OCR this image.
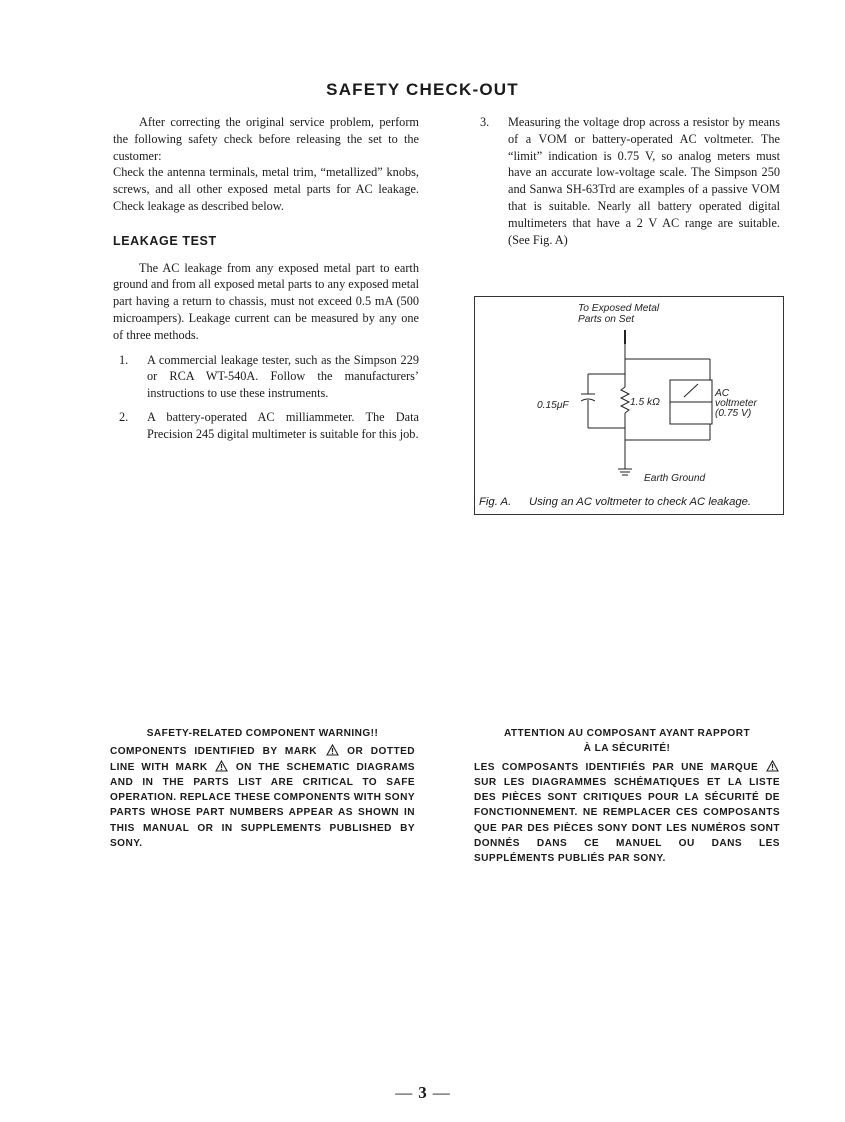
SAFETY CHECK-OUT

After correcting the original service problem, perform the following safety check before releasing the set to the customer:

Check the antenna terminals, metal trim, “metallized” knobs, screws, and all other exposed metal parts for AC leakage. Check leakage as described below.

LEAKAGE TEST

The AC leakage from any exposed metal part to earth ground and from all exposed metal parts to any exposed metal part having a return to chassis, must not exceed 0.5 mA (500 microampers). Leakage current can be measured by any one of three methods.

1.	A commercial leakage tester, such as the Simpson 229 or RCA WT-540A. Follow the manufacturers’ instructions to use these instruments.
2.	A battery-operated AC milliammeter. The Data Precision 245 digital multimeter is suitable for this job.
3.	Measuring the voltage drop across a resistor by means of a VOM or battery-operated AC voltmeter. The “limit” indication is 0.75 V, so analog meters must have an accurate low-voltage scale. The Simpson 250 and Sanwa SH-63Trd are examples of a passive VOM that is suitable. Nearly all battery operated digital multimeters that have a 2 V AC range are suitable. (See Fig. A)
To Exposed Metal
Parts on Set
0.15μF	1.5 kΩ
AC
voltmeter
(0.75 V)
Earth Ground
Fig. A. Using an AC voltmeter to check AC leakage.
SAFETY-RELATED COMPONENT WARNING!!
COMPONENTS IDENTIFIED BY MARK	OR DOTTED LINE WITH MARK	ON THE SCHEMATIC DIAGRAMS AND IN THE PARTS LIST ARE CRITICAL TO SAFE OPERATION. REPLACE THESE COMPONENTS WITH SONY PARTS WHOSE PART NUMBERS APPEAR AS SHOWN IN THIS MANUAL OR IN SUPPLEMENTS PUBLISHED BY SONY.
ATTENTION AU COMPOSANT AYANT RAPPORT
À LA SÉCURITÉ!
LES COMPOSANTS IDENTIFIÉS PAR UNE MARQUE  SUR LES DIAGRAMMES SCHÉMATIQUES ET LA LISTE DES PIÈCES SONT CRITIQUES POUR LA SÉCURITÉ DE FONCTIONNEMENT. NE REMPLACER CES COMPOSANTS QUE PAR DES PIÈCES SONY DONT LES NUMÉROS SONT DONNÉS DANS CE MANUEL OU DANS LES SUPPLÉMENTS PUBLIÉS PAR SONY.
— 3 —
